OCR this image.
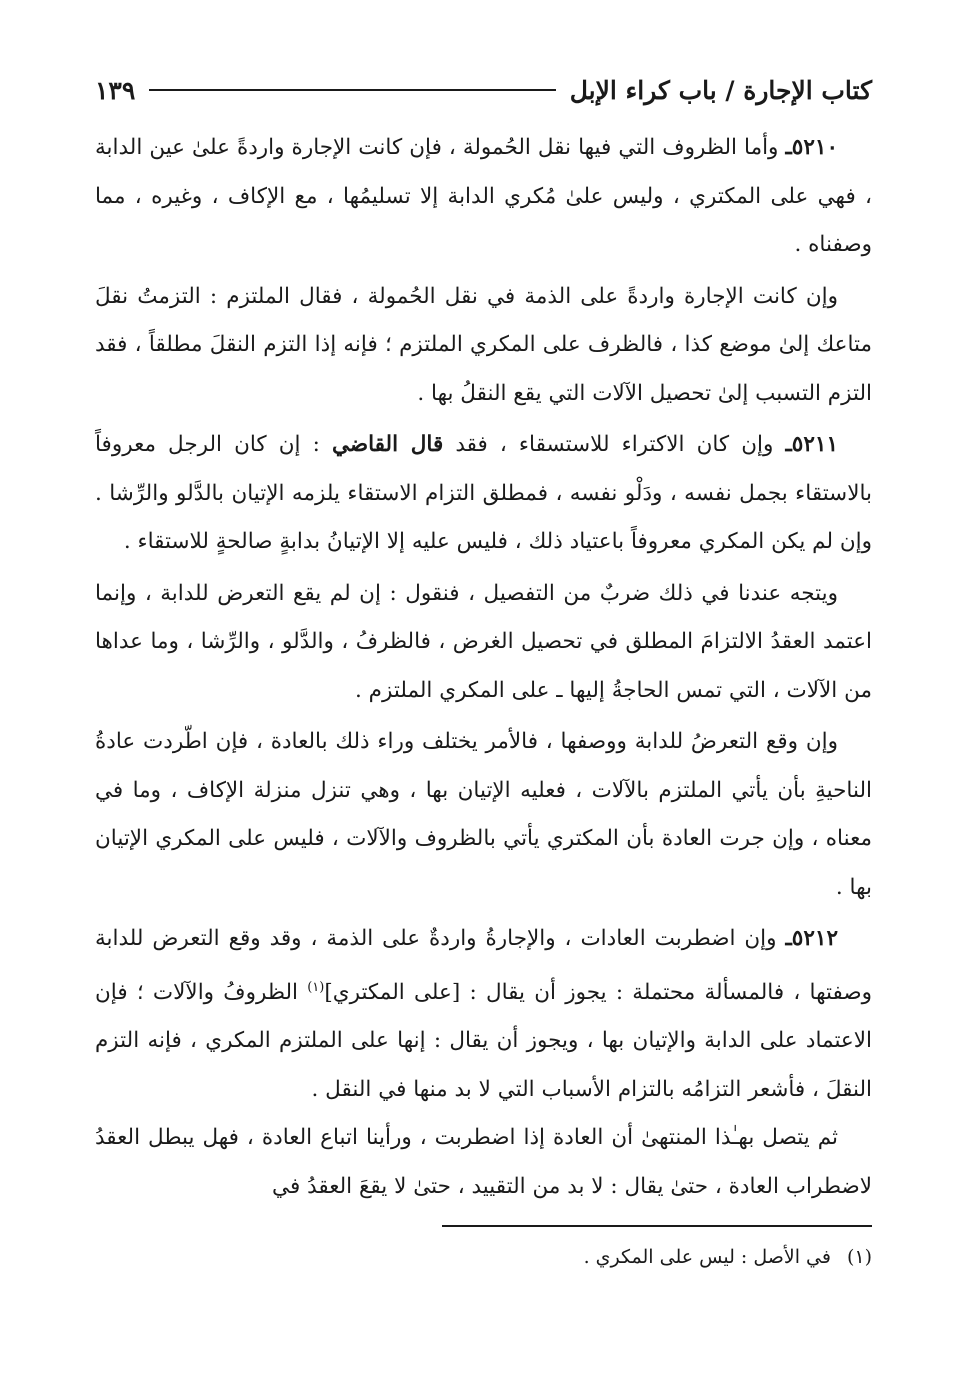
كتاب الإجارة / باب كراء الإبل
١٣٩

٥٢١٠ـ وأما الظروف التي فيها نقل الحُمولة ، فإن كانت الإجارة واردةً علىٰ عين الدابة ، فهي على المكتري ، وليس علىٰ مُكري الدابة إلا تسليمُها ، مع الإكاف ، وغيره ، مما وصفناه .

وإن كانت الإجارة واردةً على الذمة في نقل الحُمولة ، فقال الملتزم : التزمتُ نقلَ متاعك إلىٰ موضع كذا ، فالظرف على المكري الملتزم ؛ فإنه إذا التزم النقلَ مطلقاً ، فقد التزم التسبب إلىٰ تحصيل الآلات التي يقع النقلُ بها .

٥٢١١ـ وإن كان الاكتراء للاستسقاء ، فقد قال القاضي : إن كان الرجل معروفاً بالاستقاء بجمل نفسه ، ودَلْو نفسه ، فمطلق التزام الاستقاء يلزمه الإتيان بالدَّلو والرِّشا . وإن لم يكن المكري معروفاً باعتياد ذلك ، فليس عليه إلا الإتيانُ بدابةٍ صالحةٍ للاستقاء .

ويتجه عندنا في ذلك ضربٌ من التفصيل ، فنقول : إن لم يقع التعرض للدابة ، وإنما اعتمد العقدُ الالتزامَ المطلق في تحصيل الغرض ، فالظرفُ ، والدَّلو ، والرِّشا ، وما عداها من الآلات ، التي تمس الحاجةُ إليها ـ على المكري الملتزم .

وإن وقع التعرضُ للدابة ووصفها ، فالأمر يختلف وراء ذلك بالعادة ، فإن اطّردت عادةُ الناحيةِ بأن يأتي الملتزم بالآلات ، فعليه الإتيان بها ، وهي تنزل منزلة الإكاف ، وما في معناه ، وإن جرت العادة بأن المكتري يأتي بالظروف والآلات ، فليس على المكري الإتيان بها .

٥٢١٢ـ وإن اضطربت العادات ، والإجارةُ واردةٌ على الذمة ، وقد وقع التعرض للدابة وصفتها ، فالمسألة محتملة : يجوز أن يقال : [على المكتري]$^{(١)}$ الظروفُ والآلات ؛ فإن الاعتماد على الدابة والإتيان بها ، ويجوز أن يقال : إنها على الملتزم المكري ، فإنه التزم النقلَ ، فأشعر التزامُه بالتزام الأسباب التي لا بد منها في النقل .

ثم يتصل بهـٰذا المنتهىٰ أن العادة إذا اضطربت ، ورأينا اتباع العادة ، فهل يبطل العقدُ لاضطراب العادة ، حتىٰ يقال : لا بد من التقييد ، حتىٰ لا يقعَ العقدُ في

(١)في الأصل : ليس على المكري .
